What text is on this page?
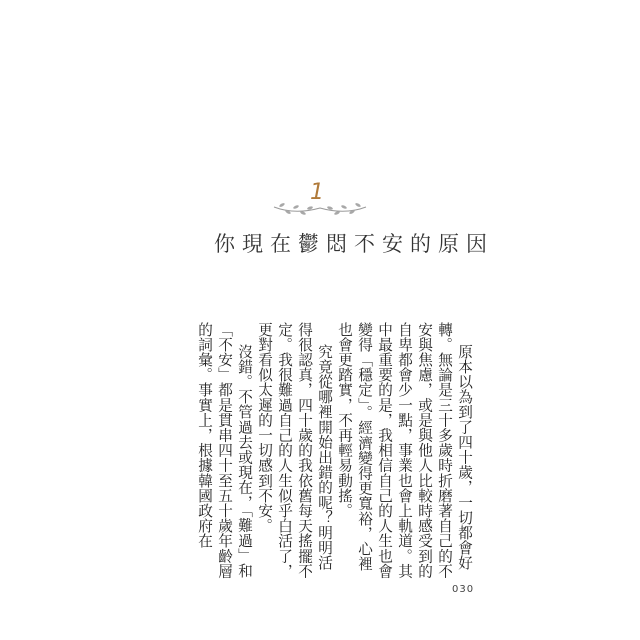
1
你現在鬱悶不安的原因

原本以為到了四十歲，一切都會好轉。無論是三十多歲時折磨著自己的不安與焦慮，或是與他人比較時感受到的自卑都會少一點，事業也會上軌道。其中最重要的是，我相信自己的人生也會變得「穩定」。經濟變得更寬裕，心裡也會更踏實，不再輕易動搖。

究竟從哪裡開始出錯的呢？明明活得很認真，四十歲的我依舊每天搖擺不定。我很難過自己的人生似乎白活了，更對看似太遲的一切感到不安。

沒錯。不管過去或現在，「難過」和「不安」都是貫串四十至五十歲年齡層的詞彙。事實上，根據韓國政府在

030
